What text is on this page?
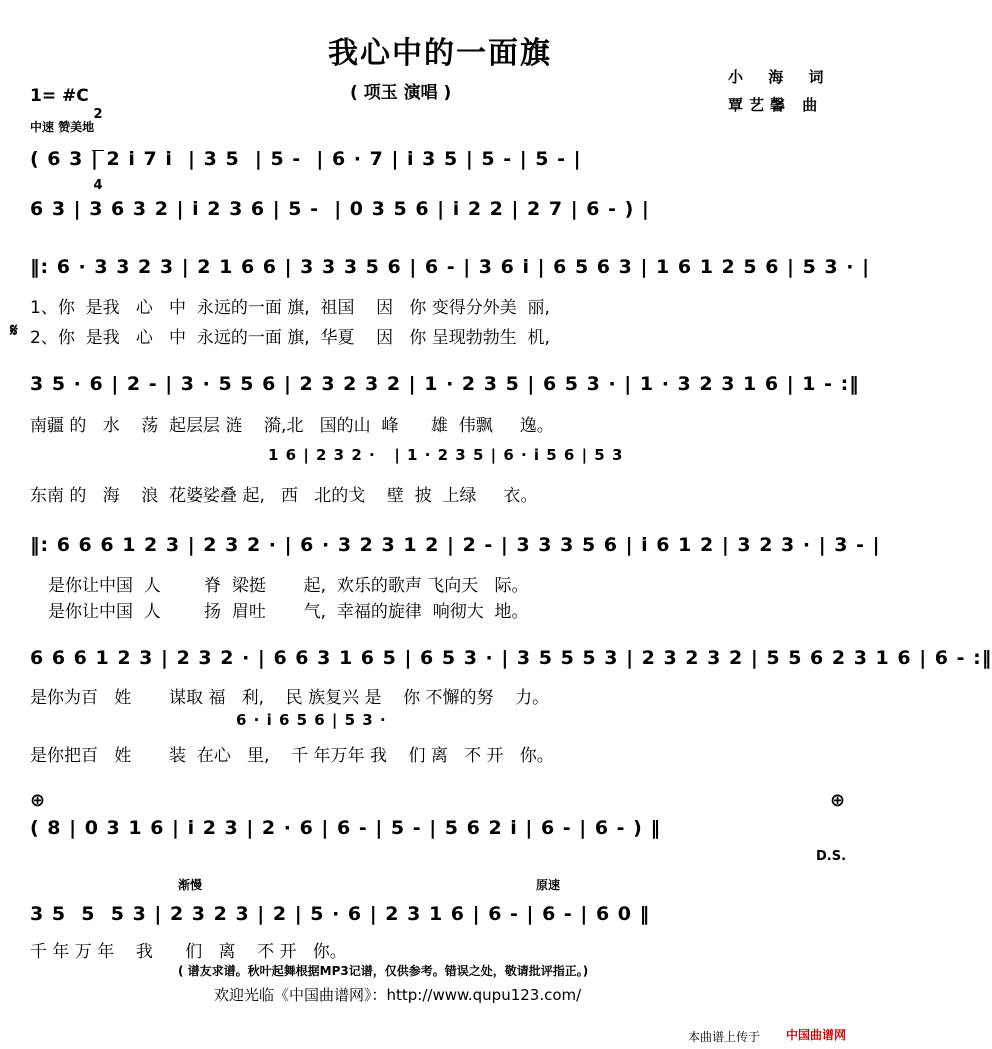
我心中的一面旗
( 项玉 演唱 )
小 海 词
覃艺馨 曲
1= #C

2

4

中速 赞美地
( 6 3 | 2 i 7 i  | 3 5  | 5 -  | 6 · 7 | i 3 5 | 5 - | 5 - |
6 3 | 3 6 3 2 | i 2 3 6 | 5 -  | 0 3 5 6 | i 2 2 | 2 7 | 6 - ) |
‖: 6 · 3 3 2 3 | 2 1 6 6 | 3 3 3 5 6 | 6 - | 3 6 i | 6 5 6 3 | 1 6 1 2 5 6 | 5 3 · |
1、你  是我   心   中  永远的一面 旗,  祖国    因   你 变得分外美  丽,
𝄋 2、你  是我   心   中  永远的一面 旗,  华夏    因   你 呈现勃勃生  机,
3 5 · 6 | 2 - | 3 · 5 5 6 | 2 3 2 3 2 | 1 · 2 3 5 | 6 5 3 · | 1 · 3 2 3 1 6 | 1 - :‖
南疆 的   水    荡  起层层 涟    漪,北   国的山  峰      雄  伟飘     逸。
1 6 | 2 3 2 ·   | 1 · 2 3 5 | 6 · i 5 6 | 5 3
东南 的   海    浪  花婆娑叠 起,   西   北的戈    壁  披  上绿     衣。
‖: 6 6 6 1 2 3 | 2 3 2 · | 6 · 3 2 3 1 2 | 2 - | 3 3 3 5 6 | i 6 1 2 | 3 2 3 · | 3 - |
是你让中国  人        脊  梁挺       起,  欢乐的歌声 飞向天   际。
是你让中国  人        扬  眉吐       气,  幸福的旋律  响彻大  地。
6 6 6 1 2 3 | 2 3 2 · | 6 6 3 1 6 5 | 6 5 3 · | 3 5 5 5 3 | 2 3 2 3 2 | 5 5 6 2 3 1 6 | 6 - :‖
是你为百   姓       谋取 福   利,    民 族复兴 是    你 不懈的努    力。
6 · i 6 5 6 | 5 3 ·
是你把百   姓       装  在心   里,    千 年万年 我    们 离   不 开   你。
⊕	⊕
( 8 | 0 3 1 6 | i 2 3 | 2 · 6 | 6 - | 5 - | 5 6 2 i | 6 - | 6 - ) ‖
D.S.
渐慢	原速
3 5  5  5 3 | 2 3 2 3 | 2 | 5 · 6 | 2 3 1 6 | 6 - | 6 - | 6 0 ‖
千 年 万 年    我      们   离    不 开   你。
( 谱友求谱。秋叶起舞根据MP3记谱，仅供参考。错误之处，敬请批评指正。)
欢迎光临《中国曲谱网》：http://www.qupu123.com/
本曲谱上传于 中国曲谱网
